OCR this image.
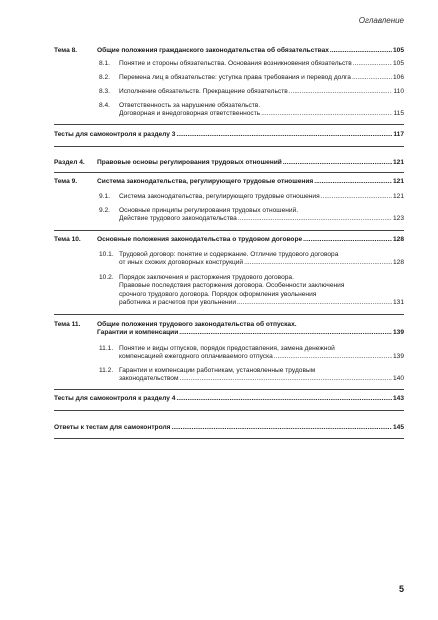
Оглавление
Тема 8.	Общие положения гражданского законодательства об обязательствах .....	105
8.1.	Понятие и стороны обязательства. Основания возникновения обязательств .....	105
8.2.	Перемена лиц в обязательстве: уступка права требования и перевод долга .....	106
8.3.	Исполнение обязательств. Прекращение обязательств .....	110
8.4.	Ответственность за нарушение обязательств.
Договорная и внедоговорная ответственность .....	115
Тесты для самоконтроля к разделу 3 .....	117
Раздел 4.	Правовые основы регулирования трудовых отношений .....	121
Тема 9.	Система законодательства, регулирующего трудовые отношения .....	121
9.1.	Система законодательства, регулирующего трудовые отношения .....	121
9.2.	Основные принципы регулирования трудовых отношений.
Действие трудового законодательства .....	123
Тема 10.	Основные положения законодательства о трудовом договоре .....	128
10.1. Трудовой договор: понятие и содержание. Отличие трудового договора
от иных схожих договорных конструкций .....	128
10.2. Порядок заключения и расторжения трудового договора.
Правовые последствия расторжения договора. Особенности заключения
срочного трудового договора. Порядок оформления увольнения
работника и расчетов при увольнении .....	131
Тема 11.	Общие положения трудового законодательства об отпусках.
Гарантии и компенсации .....	139
11.1. Понятие и виды отпусков, порядок предоставления, замена денежной
компенсацией ежегодного оплачиваемого отпуска .....	139
11.2. Гарантии и компенсации работникам, установленные трудовым
законодательством .....	140
Тесты для самоконтроля к разделу 4 .....	143
Ответы к тестам для самоконтроля .....	145
5
